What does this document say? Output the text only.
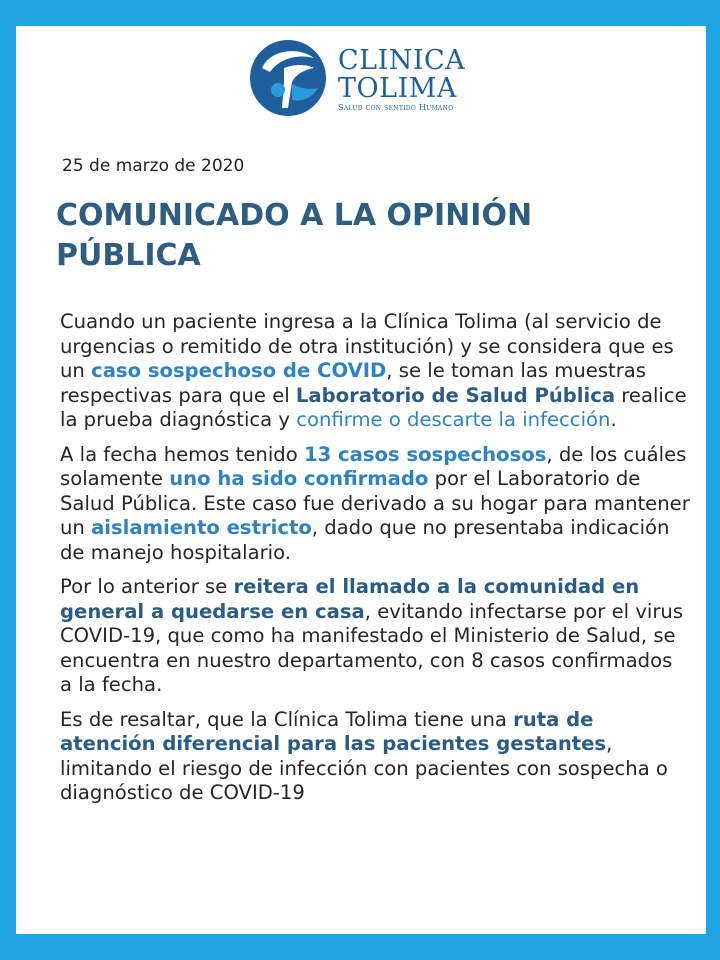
CLINICA
TOLIMA
Salud con sentido Humano
25 de marzo de 2020
COMUNICADO A LA OPINIÓN PÚBLICA

Cuando un paciente ingresa a la Clínica Tolima (al servicio de urgencias o remitido de otra institución) y se considera que es un caso sospechoso de COVID, se le toman las muestras respectivas para que el Laboratorio de Salud Pública realice la prueba diagnóstica y confirme o descarte la infección.

A la fecha hemos tenido 13 casos sospechosos, de los cuáles solamente uno ha sido confirmado por el Laboratorio de Salud Pública. Este caso fue derivado a su hogar para mantener un aislamiento estricto, dado que no presentaba indicación de manejo hospitalario.

Por lo anterior se reitera el llamado a la comunidad en general a quedarse en casa, evitando infectarse por el virus COVID-19, que como ha manifestado el Ministerio de Salud, se encuentra en nuestro departamento, con 8 casos confirmados a la fecha.

Es de resaltar, que la Clínica Tolima tiene una ruta de atención diferencial para las pacientes gestantes, limitando el riesgo de infección con pacientes con sospecha o diagnóstico de COVID-19
